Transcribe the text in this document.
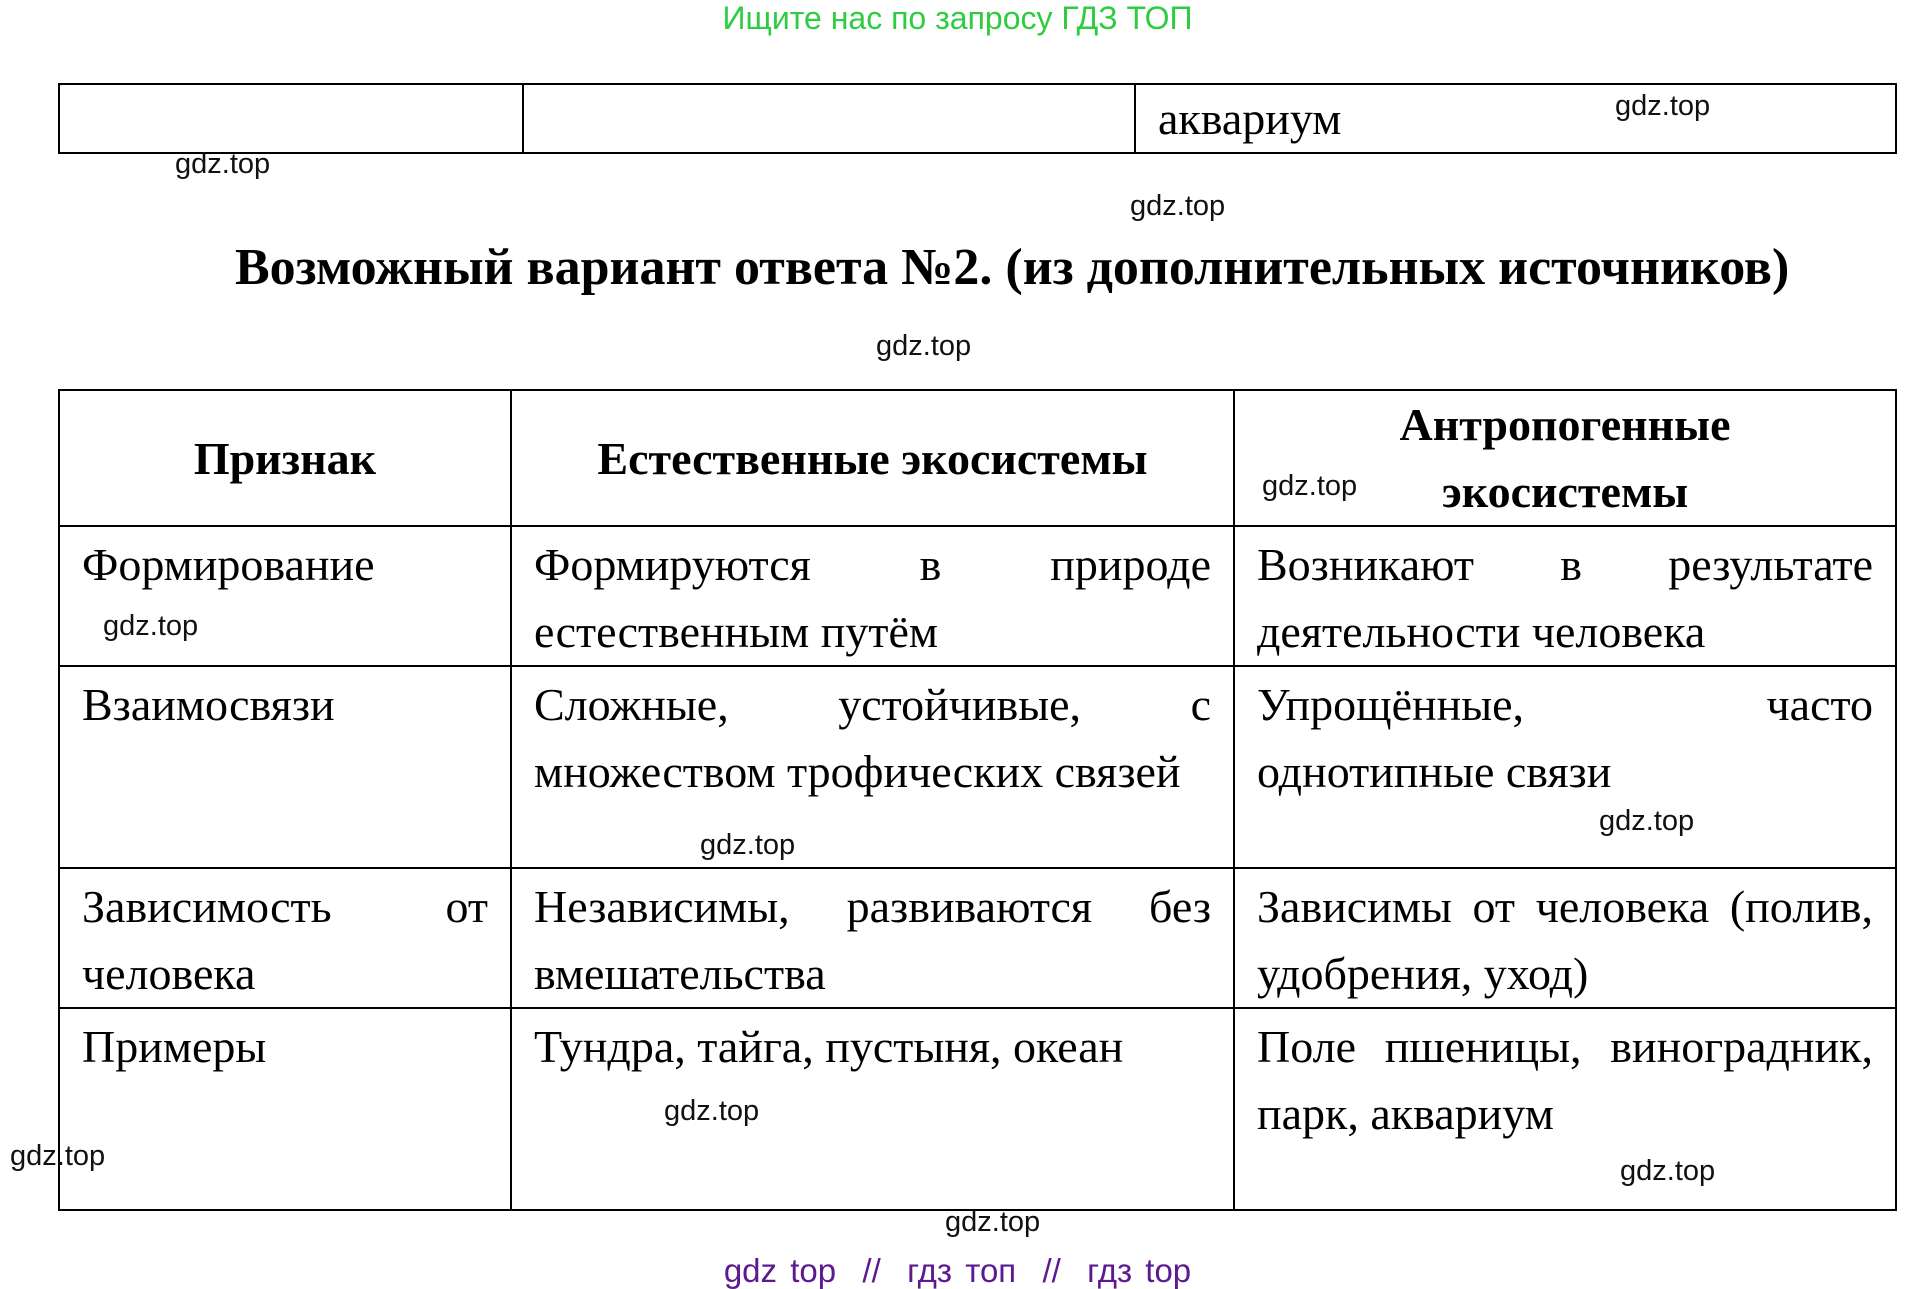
Ищите нас по запросу ГДЗ ТОП
		аквариум
Возможный вариант ответа №2. (из дополнительных источников)
Признак	Естественные экосистемы	Антропогенные экосистемы
Формирование	Формируются в природе естественным путём	Возникают в результате деятельности человека
Взаимосвязи	Сложные, устойчивые, с множеством трофических связей	Упрощённые, часто однотипные связи
Зависимость от человека	Независимы, развиваются без вмешательства	Зависимы от человека (полив, удобрения, уход)
Примеры	Тундра, тайга, пустыня, океан	Поле пшеницы, виноградник, парк, аквариум
gdz.top
gdz.top
gdz.top
gdz.top
gdz.top
gdz.top
gdz.top
gdz.top
gdz.top
gdz.top
gdz.top
gdz.top
gdz top  //  гдз топ  //  гдз top
